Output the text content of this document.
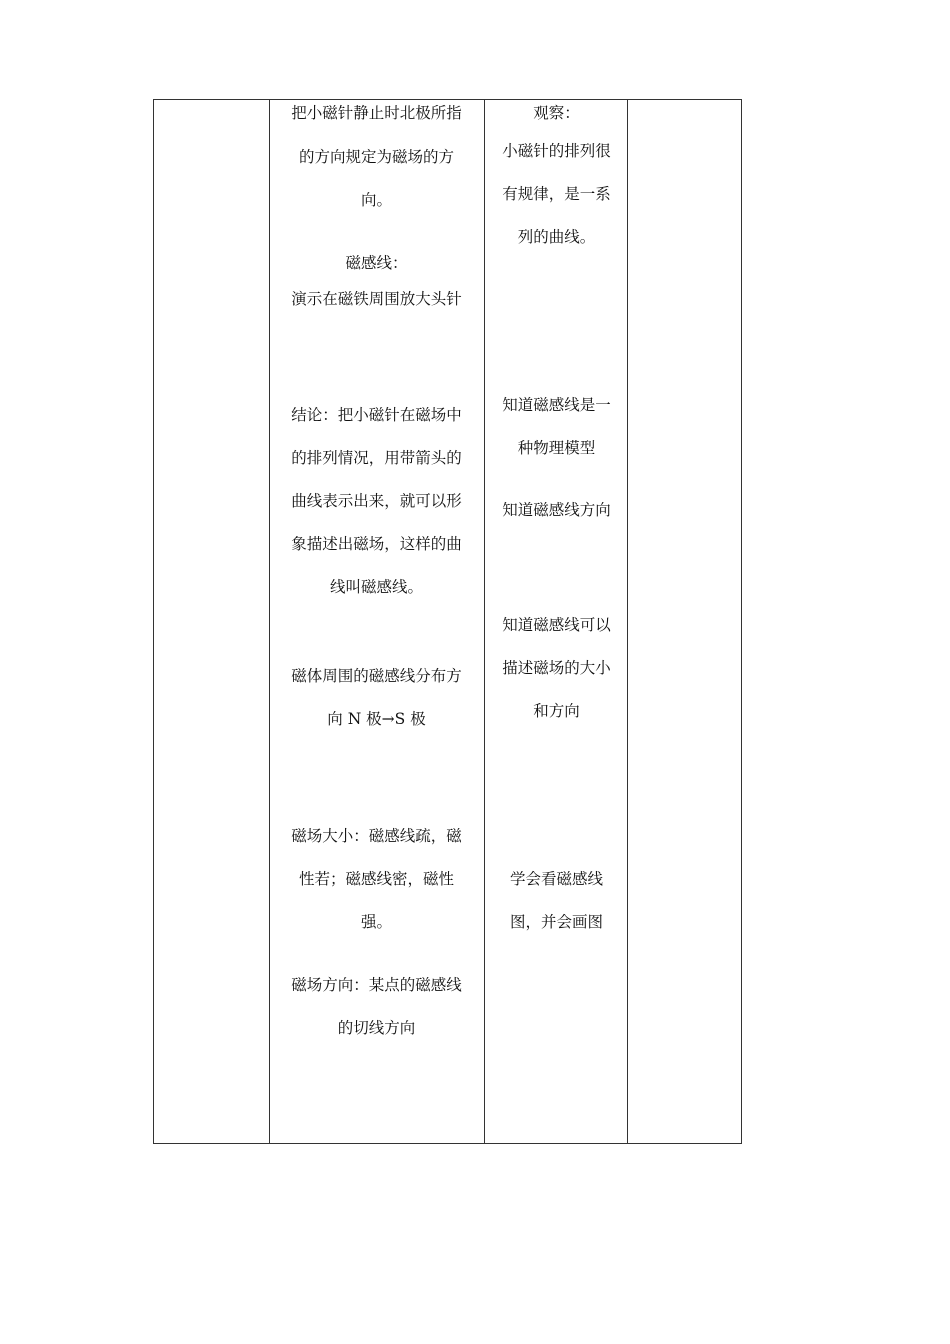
把小磁针静止时北极所指
的方向规定为磁场的方
向。
磁感线：
演示在磁铁周围放大头针
结论：把小磁针在磁场中
的排列情况，用带箭头的
曲线表示出来，就可以形
象描述出磁场，这样的曲
线叫磁感线。
磁体周围的磁感线分布方
向 N 极→S 极
磁场大小：磁感线疏，磁
性若；磁感线密，磁性
强。
磁场方向：某点的磁感线
的切线方向
观察：
小磁针的排列很
有规律，是一系
列的曲线。
知道磁感线是一
种物理模型
知道磁感线方向
知道磁感线可以
描述磁场的大小
和方向
学会看磁感线
图，并会画图
